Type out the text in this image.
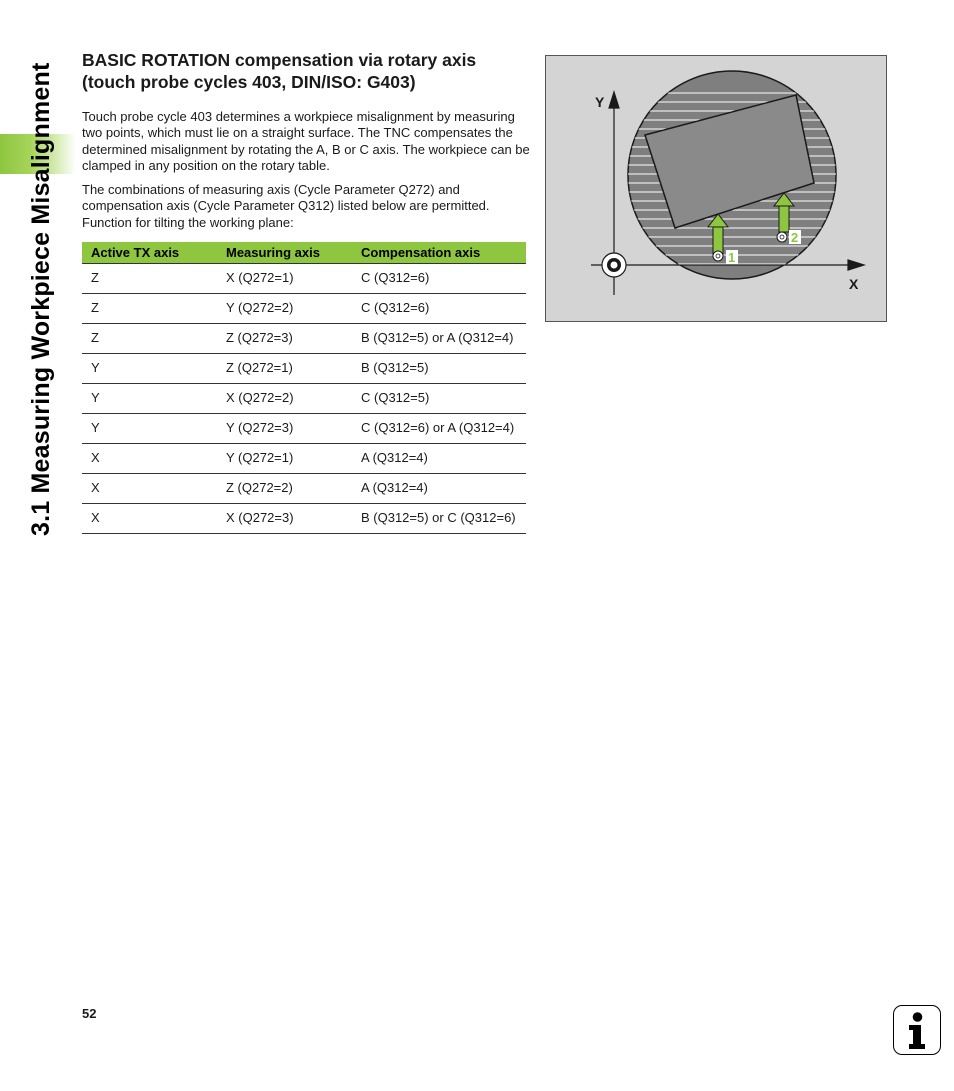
3.1 Measuring Workpiece Misalignment
BASIC ROTATION compensation via rotary axis
(touch probe cycles 403, DIN/ISO: G403)

Touch probe cycle 403 determines a workpiece misalignment by measuring two points, which must lie on a straight surface. The TNC compensates the determined misalignment by rotating the A, B or C axis. The workpiece can be clamped in any position on the rotary table.

The combinations of measuring axis (Cycle Parameter Q272) and compensation axis (Cycle Parameter Q312) listed below are permitted. Function for tilting the working plane:

Active TX axis	Measuring axis	Compensation axis
Z	X (Q272=1)	C (Q312=6)
Z	Y (Q272=2)	C (Q312=6)
Z	Z (Q272=3)	B (Q312=5) or A (Q312=4)
Y	Z (Q272=1)	B (Q312=5)
Y	X (Q272=2)	C (Q312=5)
Y	Y (Q272=3)	C (Q312=6) or A (Q312=4)
X	Y (Q272=1)	A (Q312=4)
X	Z (Q272=2)	A (Q312=4)
X	X (Q272=3)	B (Q312=5) or C (Q312=6)
1
2
Y
X
52
